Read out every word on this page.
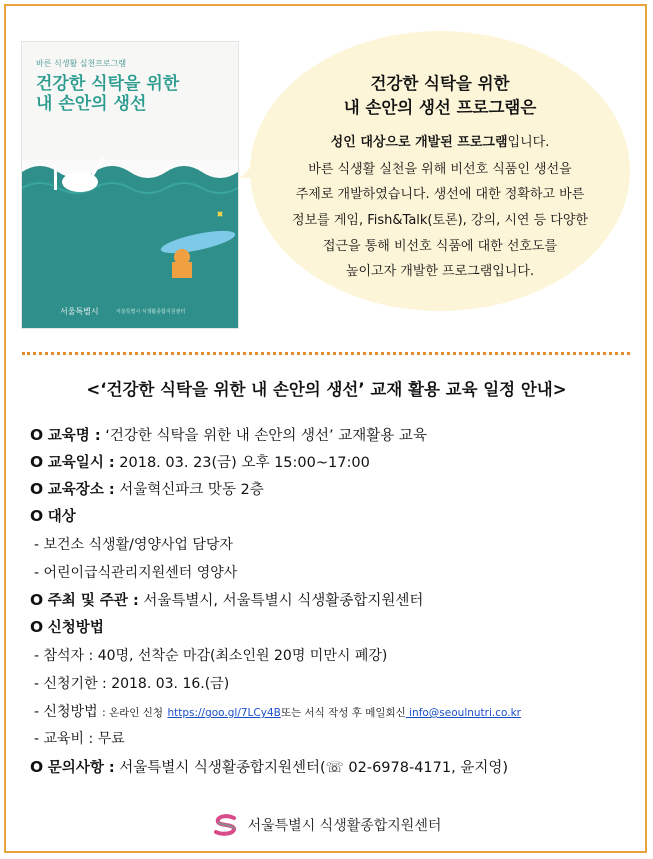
바른 식생활 실천프로그램
건강한 식탁을 위한
내 손안의 생선
서울특별시	서울특별시 식생활종합지원센터
건강한 식탁을 위한
내 손안의 생선 프로그램은
성인 대상으로 개발된 프로그램입니다.
바른 식생활 실천을 위해 비선호 식품인 생선을
주제로 개발하였습니다. 생선에 대한 정확하고 바른
정보를 게임, Fish&Talk(토론), 강의, 시연 등 다양한
접근을 통해 비선호 식품에 대한 선호도를
높이고자 개발한 프로그램입니다.
<‘건강한 식탁을 위한 내 손안의 생선’ 교재 활용 교육 일정 안내>
O 교육명 : ‘건강한 식탁을 위한 내 손안의 생선’ 교재활용 교육
O 교육일시 : 2018. 03. 23(금) 오후 15:00~17:00
O 교육장소 : 서울혁신파크 맛동 2층
O 대상
- 보건소 식생활/영양사업 담당자
- 어린이급식관리지원센터 영양사
O 주최 및 주관 : 서울특별시, 서울특별시 식생활종합지원센터
O 신청방법
- 참석자 : 40명, 선착순 마감(최소인원 20명 미만시 폐강)
- 신청기한 : 2018. 03. 16.(금)
- 신청방법 : 온라인 신청 https://goo.gl/7LCy4B또는 서식 작성 후 메일회신 info@seoulnutri.co.kr
- 교육비 : 무료
O 문의사항 : 서울특별시 식생활종합지원센터(☏ 02-6978-4171, 윤지영)
서울특별시 식생활종합지원센터
